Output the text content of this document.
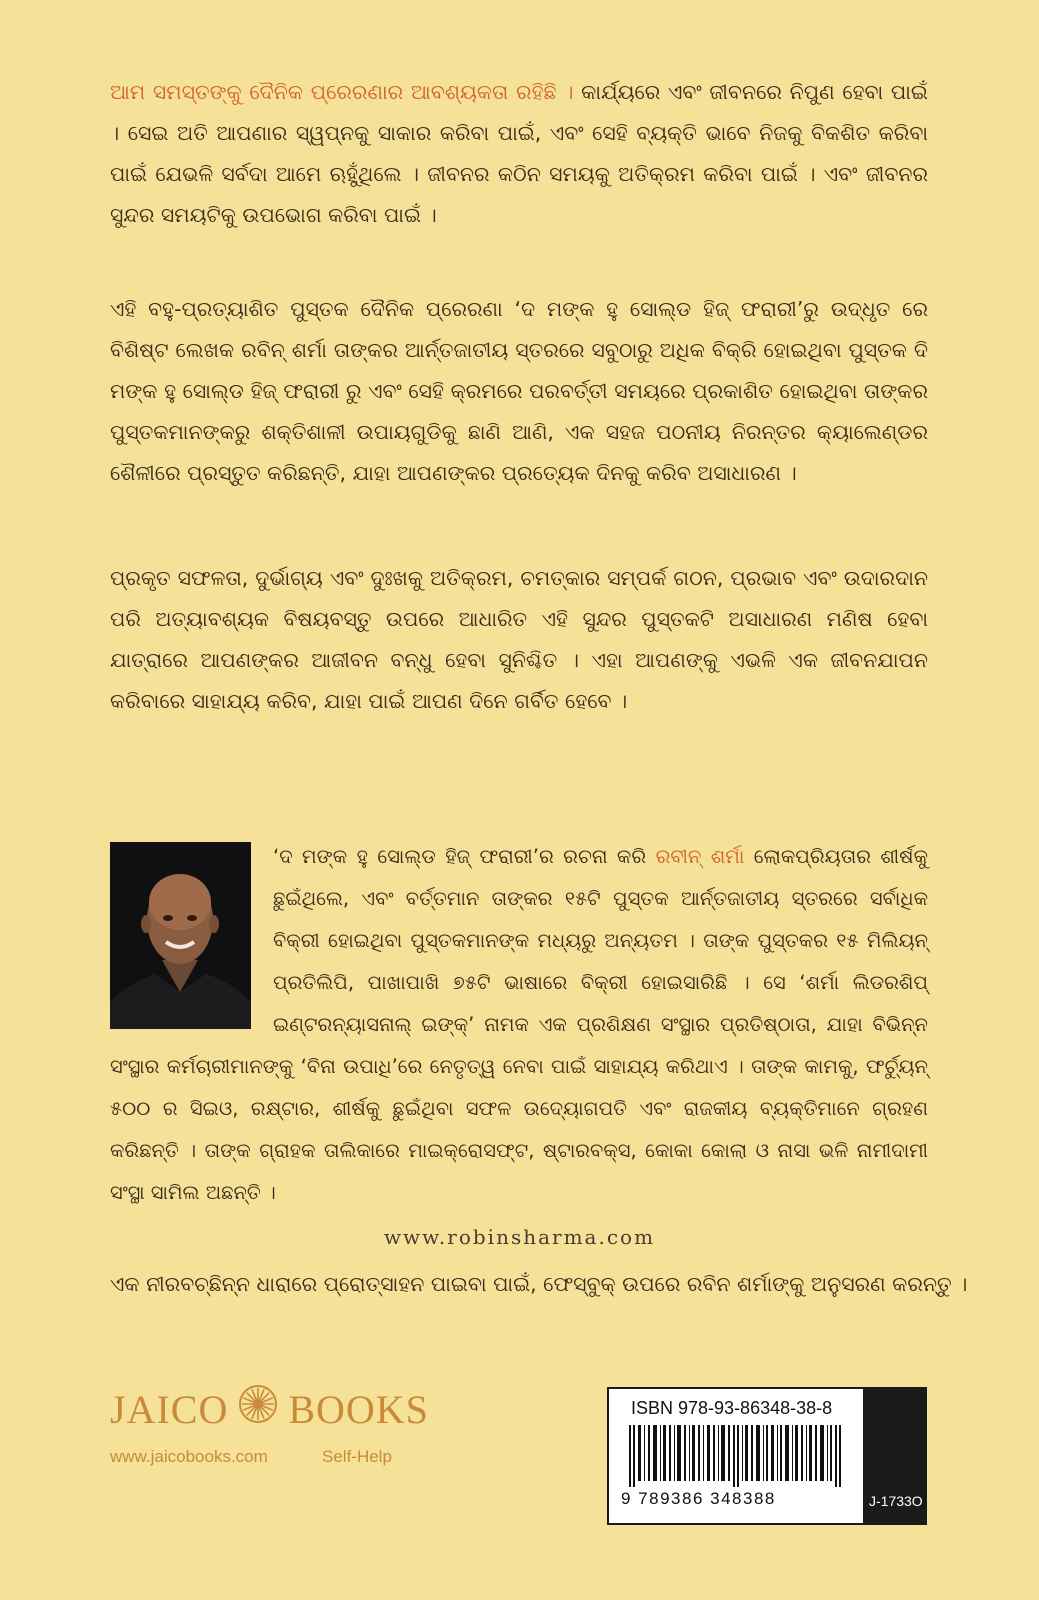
ଆମ ସମସ୍ତଙ୍କୁ ଦୈନିକ ପ୍ରେରଣାର ଆବଶ୍ୟକତା ରହିଛି । କାର୍ଯ୍ୟରେ ଏବଂ ଜୀବନରେ ନିପୁଣ ହେବା ପାଇଁ । ସେଇ ଅତି ଆପଣାର ସ୍ୱପ୍ନକୁ ସାକାର କରିବା ପାଇଁ, ଏବଂ ସେହି ବ୍ୟକ୍ତି ଭାବେ ନିଜକୁ ବିକଶିତ କରିବା ପାଇଁ ଯେଭଳି ସର୍ବଦା ଆମେ ଋହୁଁଥିଲେ । ଜୀବନର କଠିନ ସମୟକୁ ଅତିକ୍ରମ କରିବା ପାଇଁ । ଏବଂ ଜୀବନର ସୁନ୍ଦର ସମୟଟିକୁ ଉପଭୋଗ କରିବା ପାଇଁ ।

ଏହି ବହୁ-ପ୍ରତ୍ୟାଶିତ ପୁସ୍ତକ ଦୈନିକ ପ୍ରେରଣା ‘ଦ ମଙ୍କ ହୁ ସୋଲ୍ଡ ହିଜ୍ ଫରାରୀ’ରୁ ଉଦ୍ଧୃତ ରେ ବିଶିଷ୍ଟ ଲେଖକ ରବିନ୍ ଶର୍ମା ତାଙ୍କର ଆର୍ନ୍ତଜାତୀୟ ସ୍ତରରେ ସବୁଠାରୁ ଅଧିକ ବିକ୍ରି ହୋଇଥିବା ପୁସ୍ତକ ଦି ମଙ୍କ ହୁ ସୋଲ୍ଡ ହିଜ୍ ଫରାରୀ ରୁ ଏବଂ ସେହି କ୍ରମରେ ପରବର୍ତ୍ତୀ ସମୟରେ ପ୍ରକାଶିତ ହୋଇଥିବା ତାଙ୍କର ପୁସ୍ତକମାନଙ୍କରୁ ଶକ୍ତିଶାଳୀ ଉପାୟଗୁଡିକୁ ଛାଣି ଆଣି, ଏକ ସହଜ ପଠନୀୟ ନିରନ୍ତର କ୍ୟାଲେଣ୍ଡର ଶୈଳୀରେ ପ୍ରସ୍ତୁତ କରିଛନ୍ତି, ଯାହା ଆପଣଙ୍କର ପ୍ରତ୍ୟେକ ଦିନକୁ କରିବ ଅସାଧାରଣ ।

ପ୍ରକୃତ ସଫଳତା, ଦୁର୍ଭାଗ୍ୟ ଏବଂ ଦୁଃଖକୁ ଅତିକ୍ରମ, ଚମତ୍କାର ସମ୍ପର୍କ ଗଠନ, ପ୍ରଭାବ ଏବଂ ଉଦାରଦାନ ପରି ଅତ୍ୟାବଶ୍ୟକ ବିଷୟବସ୍ତୁ ଉପରେ ଆଧାରିତ ଏହି ସୁନ୍ଦର ପୁସ୍ତକଟି ଅସାଧାରଣ ମଣିଷ ହେବା ଯାତ୍ରାରେ ଆପଣଙ୍କର ଆଜୀବନ ବନ୍ଧୁ ହେବା ସୁନିଶ୍ଚିତ । ଏହା ଆପଣଙ୍କୁ ଏଭଳି ଏକ ଜୀବନଯାପନ କରିବାରେ ସାହାଯ୍ୟ କରିବ, ଯାହା ପାଇଁ ଆପଣ ଦିନେ ଗର୍ବିତ ହେବେ ।

‘ଦ ମଙ୍କ ହୁ ସୋଲ୍ଡ ହିଜ୍ ଫରାରୀ’ର ରଚନା କରି ରବୀନ୍ ଶର୍ମା ଲୋକପ୍ରିୟତାର ଶୀର୍ଷକୁ ଛୁଇଁଥିଲେ, ଏବଂ ବର୍ତ୍ତମାନ ତାଙ୍କର ୧୫ଟି ପୁସ୍ତକ ଆର୍ନ୍ତଜାତୀୟ ସ୍ତରରେ ସର୍ବାଧିକ ବିକ୍ରୀ ହୋଇଥିବା ପୁସ୍ତକମାନଙ୍କ ମଧ୍ୟରୁ ଅନ୍ୟତମ । ତାଙ୍କ ପୁସ୍ତକର ୧୫ ମିଲିୟନ୍ ପ୍ରତିଲିପି, ପାଖାପାଖି ୭୫ଟି ଭାଷାରେ ବିକ୍ରୀ ହୋଇସାରିଛି । ସେ ‘ଶର୍ମା ଲିଡରଶିପ୍ ଇଣ୍ଟରନ୍ୟାସନାଲ୍ ଇଙ୍କ୍’ ନାମକ ଏକ ପ୍ରଶିକ୍ଷଣ ସଂସ୍ଥାର ପ୍ରତିଷ୍ଠାତା, ଯାହା ବିଭିନ୍ନ ସଂସ୍ଥାର କର୍ମଚାରୀମାନଙ୍କୁ ‘ବିନା ଉପାଧି’ରେ ନେତୃତ୍ୱ ନେବା ପାଇଁ ସାହାଯ୍ୟ କରିଥାଏ । ତାଙ୍କ କାମକୁ, ଫର୍ଚ୍ୟୁନ୍ ୫୦୦ ର ସିଇଓ, ରକ୍ଷ୍ଟାର, ଶୀର୍ଷକୁ ଛୁଇଁଥିବା ସଫଳ ଉଦ୍ୟୋଗପତି ଏବଂ ରାଜକୀୟ ବ୍ୟକ୍ତିମାନେ ଗ୍ରହଣ କରିଛନ୍ତି । ତାଙ୍କ ଗ୍ରାହକ ତାଲିକାରେ ମାଇକ୍ରୋସଫ୍ଟ, ଷ୍ଟାରବକ୍ସ, କୋକା କୋଲା ଓ ନାସା ଭଳି ନାମୀଦାମୀ ସଂସ୍ଥା ସାମିଲ ଅଛନ୍ତି ।

www.robinsharma.com

ଏକ ନୀରବଚ୍ଛିନ୍ନ ଧାରାରେ ପ୍ରୋତ୍ସାହନ ପାଇବା ପାଇଁ, ଫେସ୍‌ବୁକ୍ ଉପରେ ରବିନ ଶର୍ମାଙ୍କୁ ଅନୁସରଣ କରନ୍ତୁ ।

JAICO BOOKS
www.jaicobooks.com	Self-Help
ISBN 978-93-86348-38-8
9 789386 348388	J-1733O
